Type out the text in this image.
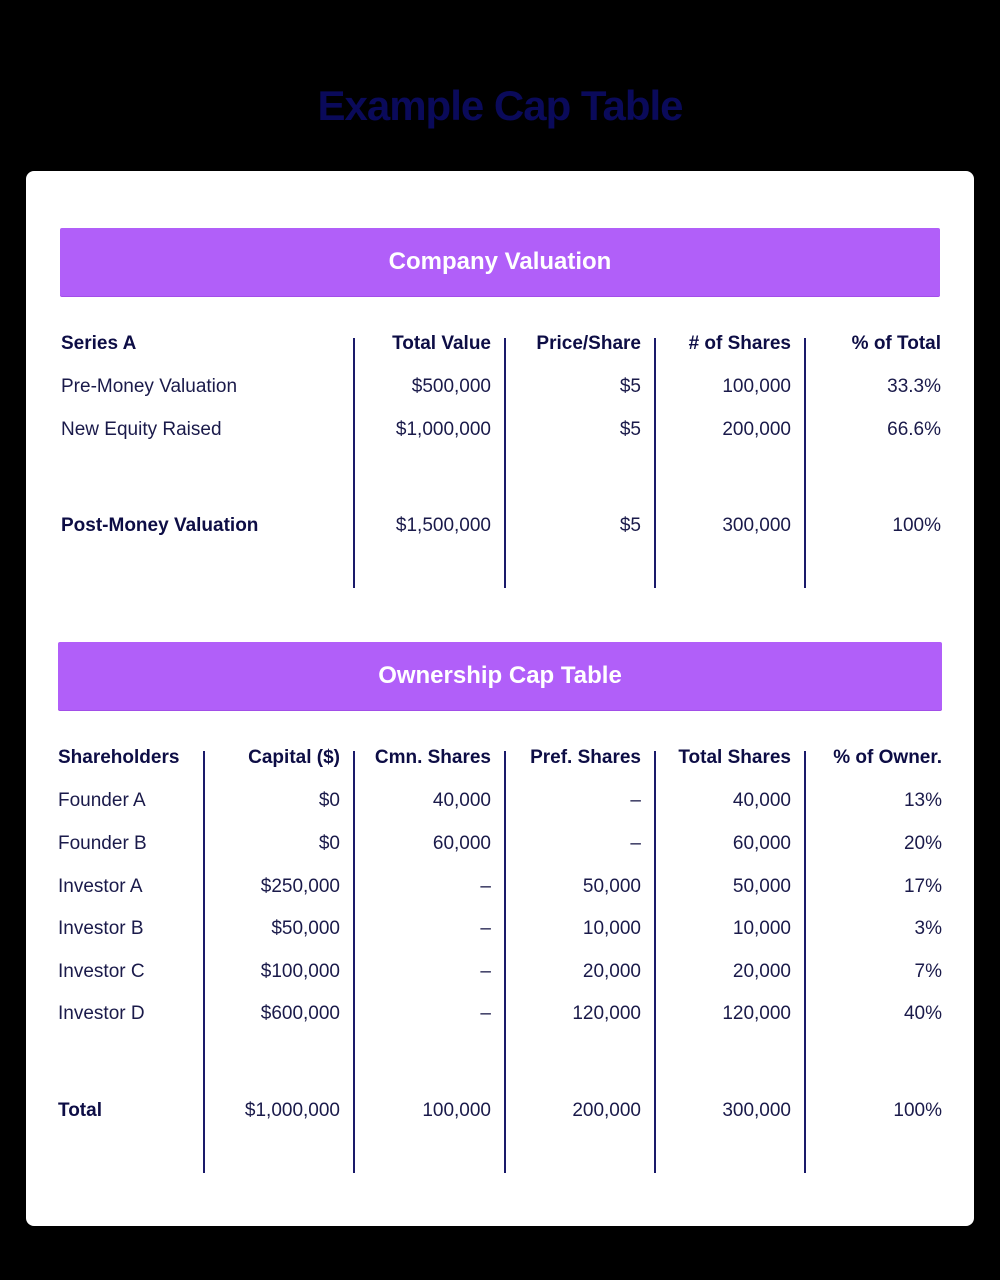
Example Cap Table
Company Valuation
Series A	Total Value	Price/Share	# of Shares	% of Total
Pre-Money Valuation	$500,000	$5	100,000	33.3%
New Equity Raised	$1,000,000	$5	200,000	66.6%
Post-Money Valuation	$1,500,000	$5	300,000	100%
Ownership Cap Table
Shareholders	Capital ($)	Cmn. Shares	Pref. Shares	Total Shares	% of Owner.
Founder A	$0	40,000	–	40,000	13%
Founder B	$0	60,000	–	60,000	20%
Investor A	$250,000	–	50,000	50,000	17%
Investor B	$50,000	–	10,000	10,000	3%
Investor C	$100,000	–	20,000	20,000	7%
Investor D	$600,000	–	120,000	120,000	40%
Total	$1,000,000	100,000	200,000	300,000	100%
